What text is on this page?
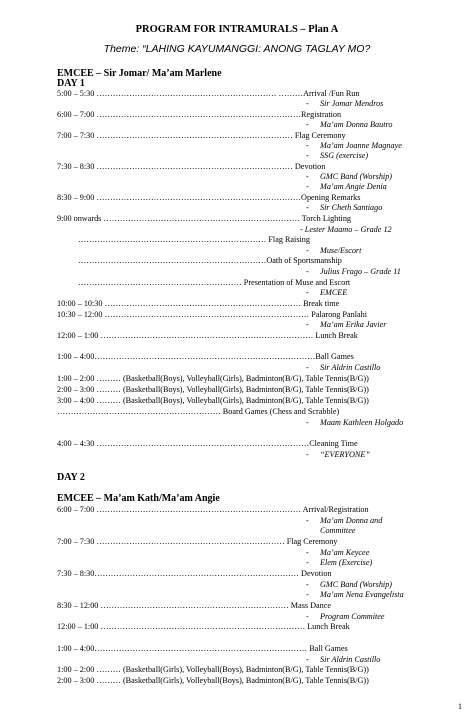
PROGRAM FOR INTRAMURALS – Plan A
Theme: “LAHING KAYUMANGGI: ANONG TAGLAY MO?
EMCEE – Sir Jomar/ Ma’am Marlene
DAY 1
5:00 – 5:30 ………………………………………………………… ………Arrival /Fun Run
- Sir Jomar Mendros
6:00 – 7:00 …………………………………………………………………Registration
- Ma’am Donna Bautro
7:00 – 7:30 ……………………………………………………………… Flag Ceremony
- Ma’am Joanne Magnaye
- SSG (exercise)
7:30 – 8:30 ……………………………………………………………… Devotion
- GMC Band (Worship)
- Ma’am Angie Denia
8:30 – 9:00 …………………………………………………………………Opening Remarks
- Sir Cheth Santiago
9:00 onwards ……………………………………………………………… Torch Lighting
- Lester Maamo – Grade 12
…………………………………………………………… Flag Raising
- Muse/Escort
……………………………………………………………Oath of Sportsmanship
- Julius Frago – Grade 11
…………………………………………………… Presentation of Muse and Escort
- EMCEE
10:00 – 10:30 ……………………………………………………………… Break time
10:30 – 12:00 ………………………………………………………………… Palarong Panlahi
- Ma’am Erika Javier
12:00 – 1:00 …………………………………………………………………… Lunch Break
1:00 – 4:00………………………………………………………………………Ball Games
- Sir Aldrin Castillo
1:00 – 2:00 ……… (Basketball(Boys), Volleyball(Girls), Badminton(B/G), Table Tennis(B/G))
2:00 – 3:00 ……… (Basketball(Boys), Volleyball(Girls), Badminton(B/G), Table Tennis(B/G))
3:00 – 4:00 ……… (Basketball(Boys), Volleyball(Girls), Badminton(B/G), Table Tennis(B/G))
…………………………………………………… Board Games (Chess and Scrabble)
- Maam Kathleen Holgado
4:00 – 4:30 ……………………………………………………………………Cleaning Time
- “EVERYONE”
DAY 2
EMCEE – Ma’am Kath/Ma’am Angie
6:00 – 7:00 ………………………………………………………………… Arrival/Registration
- Ma’am Donna and
Committee
7:00 – 7:30 …………………………………………………………… Flag Ceremony
- Ma’am Keycee
- Elem (Exercise)
7:30 – 8:30………………………………………………………………… Devotion
- GMC Band (Worship)
- Ma’am Nena Evangelista
8:30 – 12:00 …………………………………………………………… Mass Dance
- Program Commitee
12:00 – 1:00 ………………………………………………………………… Lunch Break
1:00 – 4:00…………………………………………………………………… Ball Games
- Sir Aldrin Castillo
1:00 – 2:00 ……… (Basketball(Girls), Volleyball(Boys), Badminton(B/G), Table Tennis(B/G))
2:00 – 3:00 ……… (Basketball(Girls), Volleyball(Boys), Badminton(B/G), Table Tennis(B/G))
1
